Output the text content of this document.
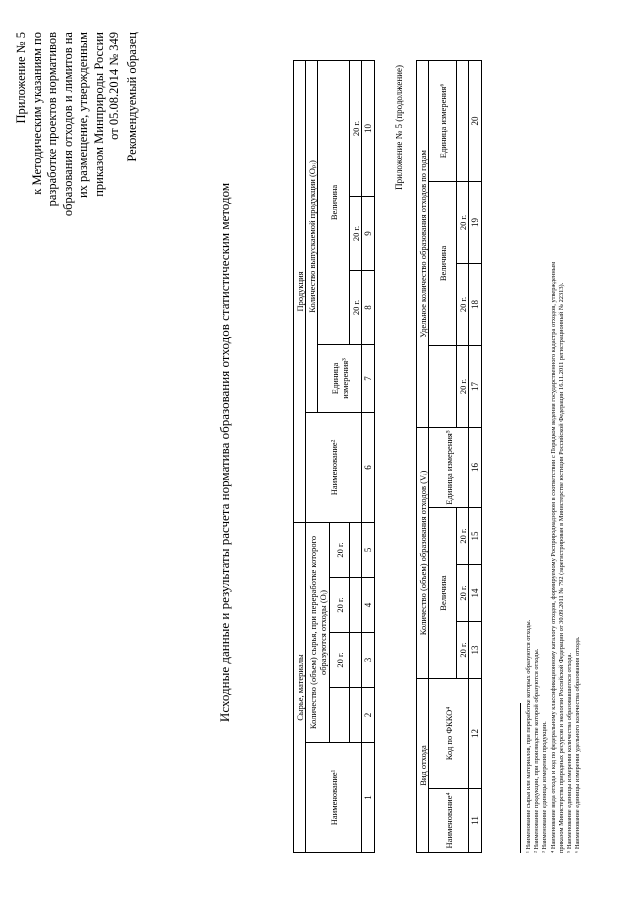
Приложение № 5 к Методическим указаниям по разработке проектов нормативов образования отходов и лимитов на их размещение, утвержденным приказом Минприроды России от 05.08.2014 № 349 Рекомендуемый образец
Исходные данные и результаты расчета норматива образования отходов статистическим методом	Сырье, материалы					Продукция				
Наименование¹	Количество (объем) сырья, при переработке которого образуются отходы (Oᵢ)				Наименование²	Количество выпускаемой продукции (Oₚᵢ)			
						Единица измерения³	Величина		
		20 г.	20 г.	20 г.					
							20 г.	20 г.	20 г.
1	2	3	4	5	6	7	8	9	10 Приложение № 5 (продолжение)
Вид отхода		Количество (объем) образования отходов (Vᵢ)				Удельное количество образования отходов по годам			
Наименование⁴	Код по ФККО⁴	Величина			Единица измерения⁵		Величина		Единица измерения⁶

		20 г.	20 г.	20 г.		20 г.	20 г.	20 г.	
11	12	13	14	15	16	17	18	19	20
¹ Наименование сырья или материалов, при переработке которых образуются отходы. ² Наименование продукции, при производстве которой образуются отходы. ³ Наименование единицы измерения продукции. ⁴ Наименование вида отхода и код по федеральному классификационному каталогу отходов, формируемому Росприроднадзором в соответствии с Порядком ведения государственного кадастра отходов, утвержденным приказом Министерства природных ресурсов и экологии Российской Федерации от 30.09.2011 № 792 (зарегистрирован в Министерстве юстиции Российской Федерации 16.11.2011 регистрационный № 22313). ⁵ Наименование единицы измерения количества образовавшегося отхода. ⁶ Наименование единицы измерения удельного количества образования отхода.
